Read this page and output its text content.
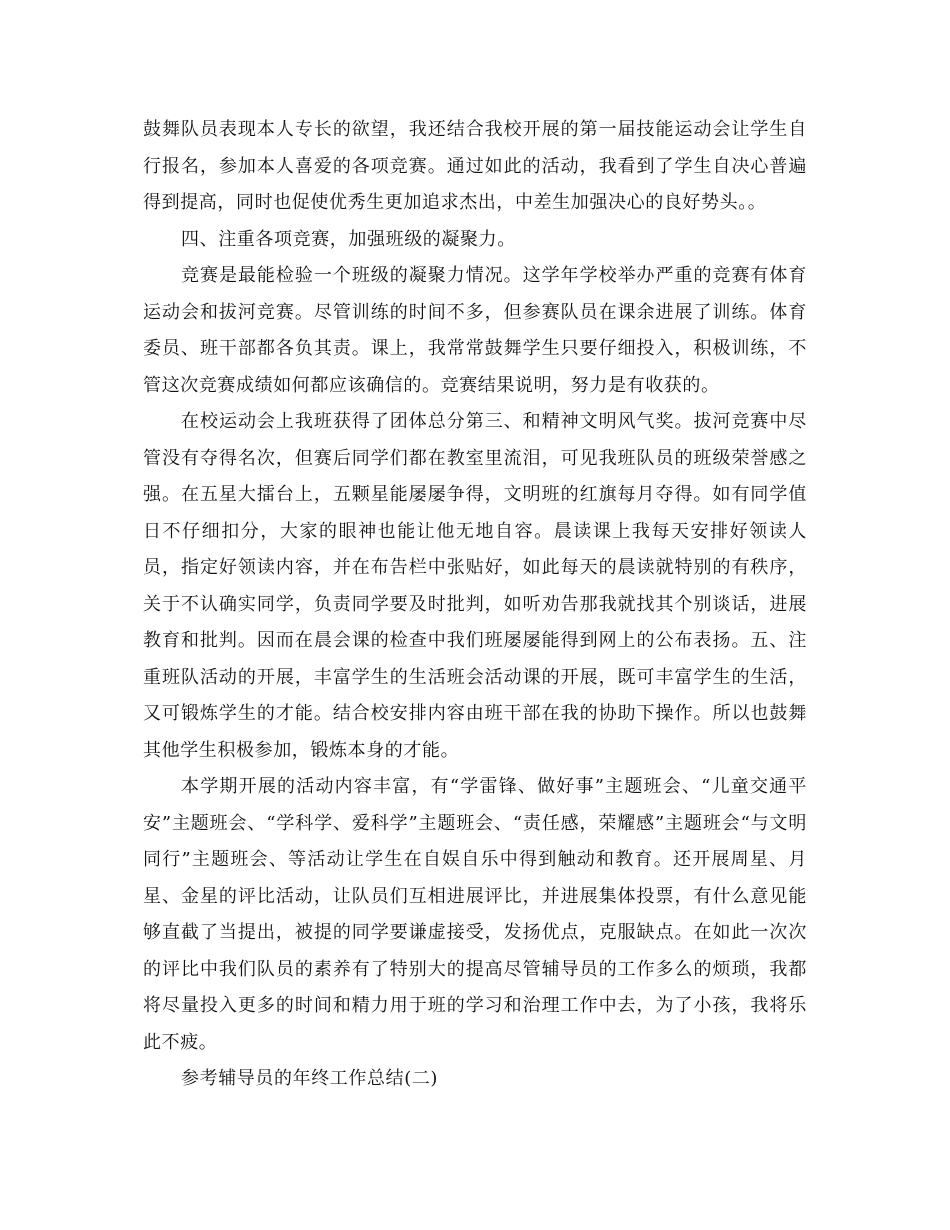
鼓舞队员表现本人专长的欲望，我还结合我校开展的第一届技能运动会让学生自行报名，参加本人喜爱的各项竞赛。通过如此的活动，我看到了学生自决心普遍得到提高，同时也促使优秀生更加追求杰出，中差生加强决心的良好势头。。

四、注重各项竞赛，加强班级的凝聚力。

竞赛是最能检验一个班级的凝聚力情况。这学年学校举办严重的竞赛有体育运动会和拔河竞赛。尽管训练的时间不多，但参赛队员在课余进展了训练。体育委员、班干部都各负其责。课上，我常常鼓舞学生只要仔细投入，积极训练，不管这次竞赛成绩如何都应该确信的。竞赛结果说明，努力是有收获的。

在校运动会上我班获得了团体总分第三、和精神文明风气奖。拔河竞赛中尽管没有夺得名次，但赛后同学们都在教室里流泪，可见我班队员的班级荣誉感之强。在五星大擂台上，五颗星能屡屡争得，文明班的红旗每月夺得。如有同学值日不仔细扣分，大家的眼神也能让他无地自容。晨读课上我每天安排好领读人员，指定好领读内容，并在布告栏中张贴好，如此每天的晨读就特别的有秩序，关于不认确实同学，负责同学要及时批判，如听劝告那我就找其个别谈话，进展教育和批判。因而在晨会课的检查中我们班屡屡能得到网上的公布表扬。五、注重班队活动的开展，丰富学生的生活班会活动课的开展，既可丰富学生的生活，又可锻炼学生的才能。结合校安排内容由班干部在我的协助下操作。所以也鼓舞其他学生积极参加，锻炼本身的才能。

本学期开展的活动内容丰富，有“学雷锋、做好事”主题班会、“儿童交通平安”主题班会、“学科学、爱科学”主题班会、“责任感，荣耀感”主题班会“与文明同行”主题班会、等活动让学生在自娱自乐中得到触动和教育。还开展周星、月星、金星的评比活动，让队员们互相进展评比，并进展集体投票，有什么意见能够直截了当提出，被提的同学要谦虚接受，发扬优点，克服缺点。在如此一次次的评比中我们队员的素养有了特别大的提高尽管辅导员的工作多么的烦琐，我都将尽量投入更多的时间和精力用于班的学习和治理工作中去，为了小孩，我将乐此不疲。

参考辅导员的年终工作总结(二)
